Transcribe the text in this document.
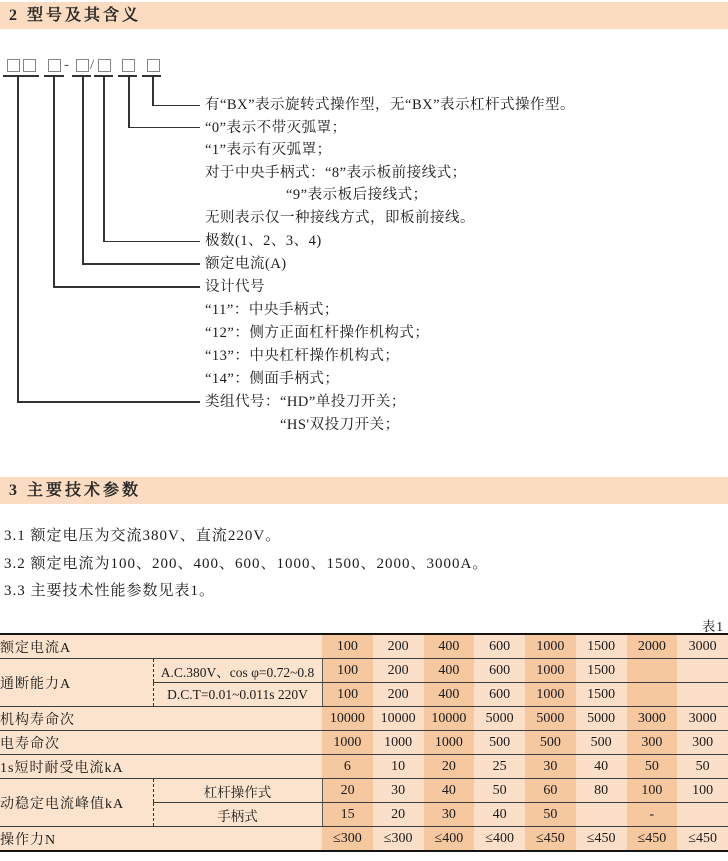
2 型号及其含义
- /
有“BX”表示旋转式操作型，无“BX”表示杠杆式操作型。
“0”表示不带灭弧罩；
“1”表示有灭弧罩；
对于中央手柄式：“8”表示板前接线式；
“9”表示板后接线式；
无则表示仅一种接线方式，即板前接线。
极数(1、2、3、4)
额定电流(A)
设计代号
“11”：中央手柄式；
“12”：侧方正面杠杆操作机构式；
“13”：中央杠杆操作机构式；
“14”：侧面手柄式；
类组代号：“HD”单投刀开关；
“HS'双投刀开关；
3 主要技术参数
3.1 额定电压为交流380V、直流220V。
3.2 额定电流为100、200、400、600、1000、1500、2000、3000A。
3.3 主要技术性能参数见表1。
表1
额定电流A		100	200	400	600	1000	1500	2000	3000
通断能力A	A.C.380V、cos φ=0.72~0.8	100	200	400	600	1000	1500		
	D.C.T=0.01~0.011s 220V	100	200	400	600	1000	1500		
机构寿命次		10000	10000	10000	5000	5000	5000	3000	3000
电寿命次		1000	1000	1000	500	500	500	300	300
1s短时耐受电流kA		6	10	20	25	30	40	50	50
动稳定电流峰值kA	杠杆操作式	20	30	40	50	60	80	100	100
	手柄式	15	20	30	40	50		-	
操作力N		≤300	≤300	≤400	≤400	≤450	≤450	≤450	≤450
